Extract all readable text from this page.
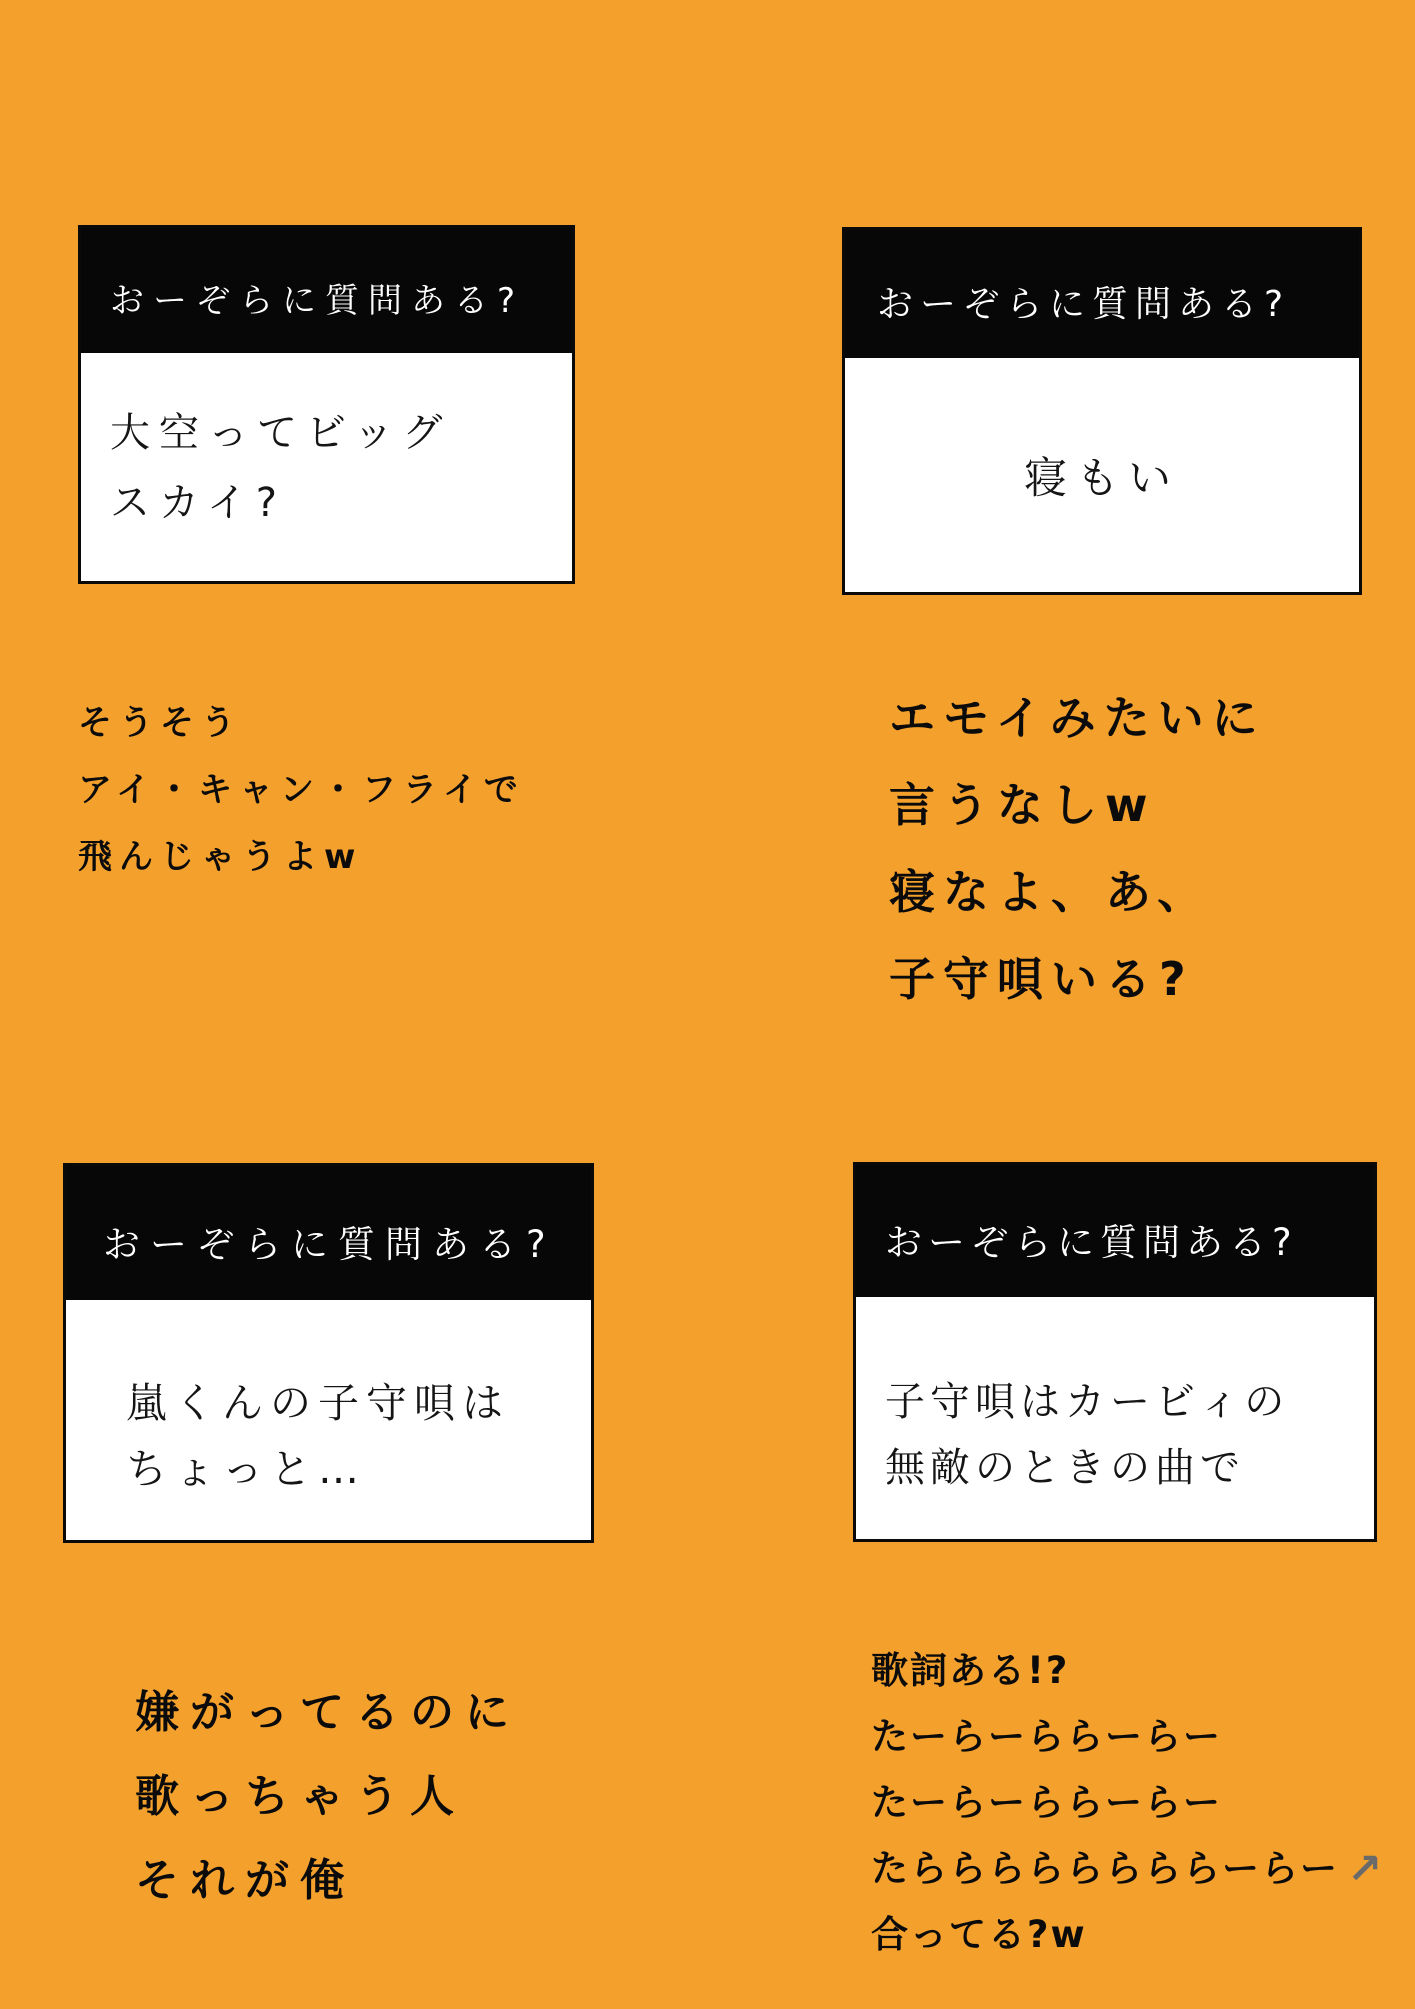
おーぞらに質問ある?
大空ってビッグ
スカイ?
おーぞらに質問ある?
寝もい
そうそう
アイ・キャン・フライで
飛んじゃうよw
エモイみたいに
言うなしw
寝なよ、あ、
子守唄いる?
おーぞらに質問ある?
嵐くんの子守唄は
ちょっと…
おーぞらに質問ある?
子守唄はカービィの
無敵のときの曲で
嫌がってるのに
歌っちゃう人
それが俺
歌詞ある!?
たーらーららーらー
たーらーららーらー
たららららららららーらー ↗
合ってる?w
